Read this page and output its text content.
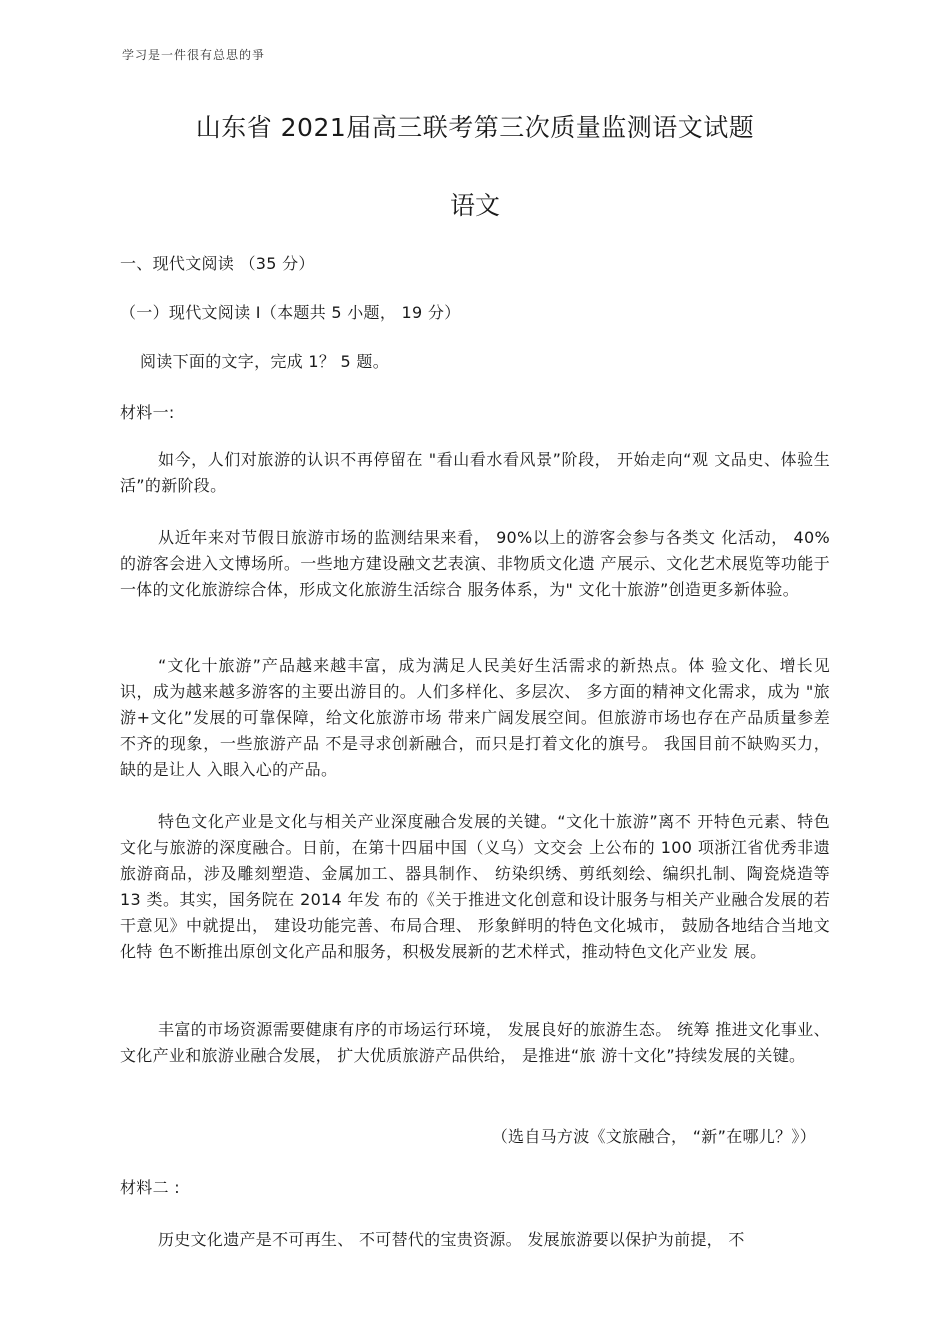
学习是一件很有总思的爭
山东省 2021届高三联考第三次质量监测语文试题
语文
一、现代文阅读 （35 分）
（一）现代文阅读 I（本题共 5 小题， 19 分）
阅读下面的文字，完成 1？ 5 题。
材料一:
如今，人们对旅游的认识不再停留在 "看山看水看风景”阶段， 开始走向“观 文品史、体验生活”的新阶段。
从近年来对节假日旅游市场的监测结果来看， 90%以上的游客会参与各类文 化活动， 40%的游客会进入文博场所。一些地方建设融文艺表演、非物质文化遗 产展示、文化艺术展览等功能于一体的文化旅游综合体，形成文化旅游生活综合 服务体系，为" 文化十旅游”创造更多新体验。
“文化十旅游”产品越来越丰富，成为满足人民美好生活需求的新热点。体 验文化、增长见识，成为越来越多游客的主要出游目的。人们多样化、多层次、 多方面的精神文化需求，成为 "旅游+文化”发展的可靠保障，给文化旅游市场 带来广阔发展空间。但旅游市场也存在产品质量参差不齐的现象，一些旅游产品 不是寻求创新融合，而只是打着文化的旗号。 我国目前不缺购买力， 缺的是让人 入眼入心的产品。
特色文化产业是文化与相关产业深度融合发展的关键。“文化十旅游”离不 开特色元素、特色文化与旅游的深度融合。日前，在第十四届中国（义乌）文交会 上公布的 100 项浙江省优秀非遗旅游商品，涉及雕刻塑造、金属加工、器具制作、 纺染织绣、剪纸刻绘、编织扎制、陶瓷烧造等 13 类。其实，国务院在 2014 年发 布的《关于推进文化创意和设计服务与相关产业融合发展的若干意见》中就提出， 建设功能完善、布局合理、 形象鲜明的特色文化城市， 鼓励各地结合当地文化特 色不断推出原创文化产品和服务，积极发展新的艺术样式，推动特色文化产业发 展。
丰富的市场资源需要健康有序的市场运行环境， 发展良好的旅游生态。 统筹 推进文化事业、 文化产业和旅游业融合发展， 扩大优质旅游产品供给， 是推进“旅 游十文化”持续发展的关键。
（选自马方波《文旅融合， “新”在哪儿？》）
材料二 :
历史文化遗产是不可再生、 不可替代的宝贵资源。 发展旅游要以保护为前提， 不
